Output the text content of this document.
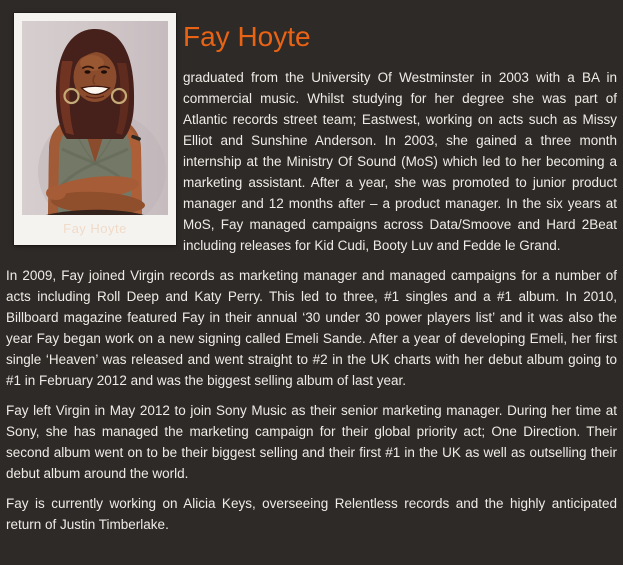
Fay Hoyte
Fay Hoyte

graduated from the University Of Westminster in 2003 with a BA in commercial music. Whilst studying for her degree she was part of Atlantic records street team; Eastwest, working on acts such as Missy Elliot and Sunshine Anderson. In 2003, she gained a three month internship at the Ministry Of Sound (MoS) which led to her becoming a marketing assistant. After a year, she was promoted to junior product manager and 12 months after – a product manager. In the six years at MoS, Fay managed campaigns across Data/Smoove and Hard 2Beat including releases for Kid Cudi, Booty Luv and Fedde le Grand.

In 2009, Fay joined Virgin records as marketing manager and managed campaigns for a number of acts including Roll Deep and Katy Perry. This led to three, #1 singles and a #1 album. In 2010, Billboard magazine featured Fay in their annual ‘30 under 30 power players list’ and it was also the year Fay began work on a new signing called Emeli Sande. After a year of developing Emeli, her first single ‘Heaven’ was released and went straight to #2 in the UK charts with her debut album going to #1 in February 2012 and was the biggest selling album of last year.

Fay left Virgin in May 2012 to join Sony Music as their senior marketing manager. During her time at Sony, she has managed the marketing campaign for their global priority act; One Direction. Their second album went on to be their biggest selling and their first #1 in the UK as well as outselling their debut album around the world.

Fay is currently working on Alicia Keys, overseeing Relentless records and the highly anticipated return of Justin Timberlake.
